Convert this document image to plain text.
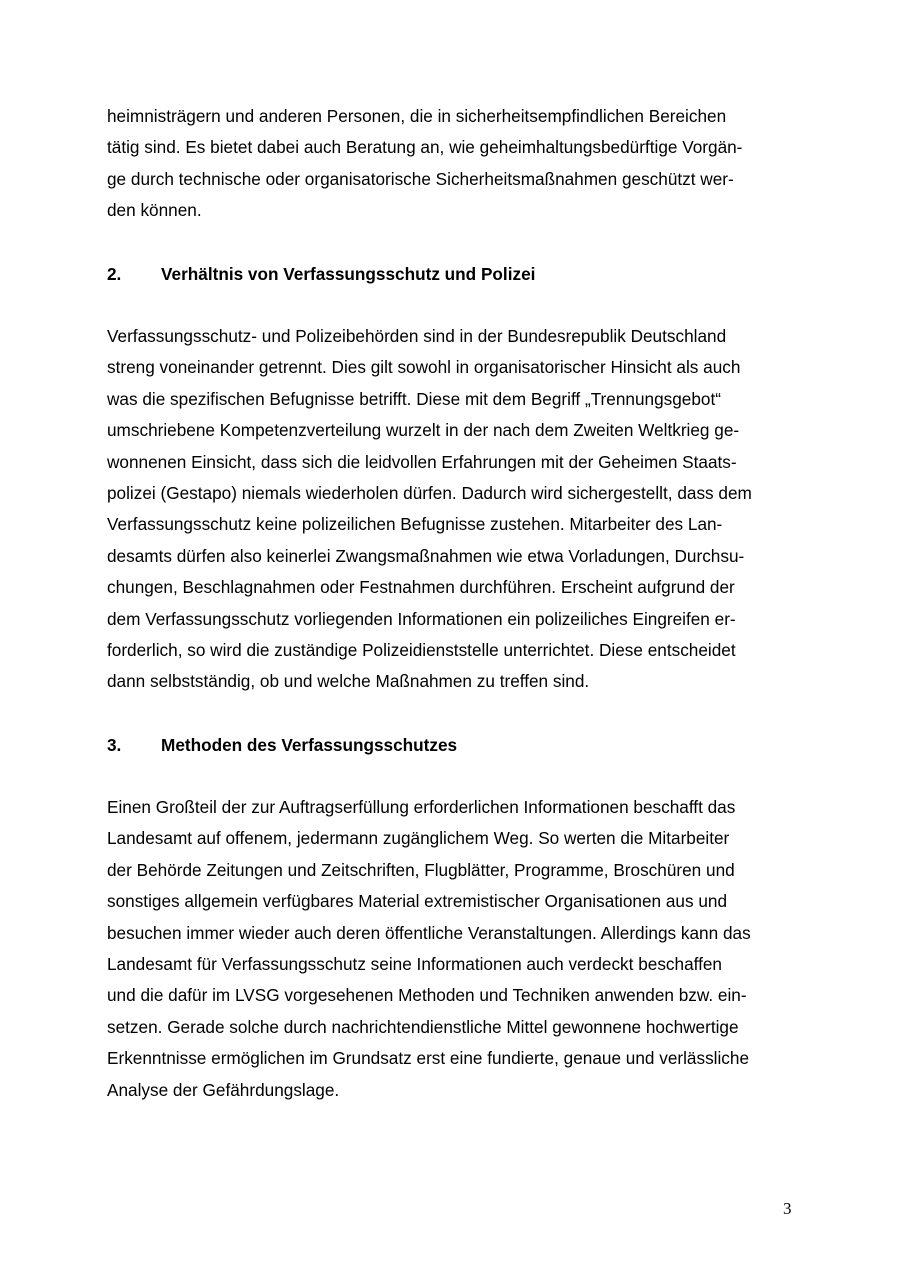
heimnisträgern und anderen Personen, die in sicherheitsempfindlichen Bereichen
tätig sind. Es bietet dabei auch Beratung an, wie geheimhaltungsbedürftige Vorgän-
ge durch technische oder organisatorische Sicherheitsmaßnahmen geschützt wer-
den können.
2. Verhältnis von Verfassungsschutz und Polizei
Verfassungsschutz- und Polizeibehörden sind in der Bundesrepublik Deutschland
streng voneinander getrennt. Dies gilt sowohl in organisatorischer Hinsicht als auch
was die spezifischen Befugnisse betrifft. Diese mit dem Begriff „Trennungsgebot“
umschriebene Kompetenzverteilung wurzelt in der nach dem Zweiten Weltkrieg ge-
wonnenen Einsicht, dass sich die leidvollen Erfahrungen mit der Geheimen Staats-
polizei (Gestapo) niemals wiederholen dürfen. Dadurch wird sichergestellt, dass dem
Verfassungsschutz keine polizeilichen Befugnisse zustehen. Mitarbeiter des Lan-
desamts dürfen also keinerlei Zwangsmaßnahmen wie etwa Vorladungen, Durchsu-
chungen, Beschlagnahmen oder Festnahmen durchführen. Erscheint aufgrund der
dem Verfassungsschutz vorliegenden Informationen ein polizeiliches Eingreifen er-
forderlich, so wird die zuständige Polizeidienststelle unterrichtet. Diese entscheidet
dann selbstständig, ob und welche Maßnahmen zu treffen sind.
3. Methoden des Verfassungsschutzes
Einen Großteil der zur Auftragserfüllung erforderlichen Informationen beschafft das
Landesamt auf offenem, jedermann zugänglichem Weg. So werten die Mitarbeiter
der Behörde Zeitungen und Zeitschriften, Flugblätter, Programme, Broschüren und
sonstiges allgemein verfügbares Material extremistischer Organisationen aus und
besuchen immer wieder auch deren öffentliche Veranstaltungen. Allerdings kann das
Landesamt für Verfassungsschutz seine Informationen auch verdeckt beschaffen
und die dafür im LVSG vorgesehenen Methoden und Techniken anwenden bzw. ein-
setzen. Gerade solche durch nachrichtendienstliche Mittel gewonnene hochwertige
Erkenntnisse ermöglichen im Grundsatz erst eine fundierte, genaue und verlässliche
Analyse der Gefährdungslage.
3
